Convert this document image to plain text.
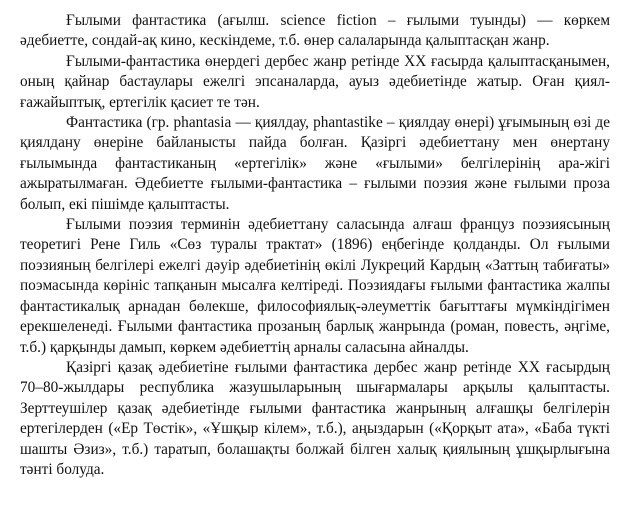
Ғылыми фантастика (ағылш. science fiction – ғылыми туынды) — көркем әдебиетте, сондай-ақ кино, кескіндеме, т.б. өнер салаларында қалыптасқан жанр.

Ғылыми-фантастика өнердегі дербес жанр ретінде XX ғасырда қалыптасқанымен, оның қайнар бастаулары ежелгі эпсаналарда, ауыз әдебиетінде жатыр. Оған қиял-ғажайыптық, ертегілік қасиет те тән.

Фантастика (гр. phantasia –– қиялдау, phantastike – қиялдау өнері) ұғымының өзі де қиялдану өнеріне байланысты пайда болған. Қазіргі әдебиеттану мен өнертану ғылымында фантастиканың «ертегілік» және «ғылыми» белгілерінің ара-жігі ажыратылмаған. Әдебиетте ғылыми-фантастика – ғылыми поэзия және ғылыми проза болып, екі пішімде қалыптасты.

Ғылыми поэзия терминін әдебиеттану саласында алғаш француз поэзиясының теоретигі Рене Гиль «Сөз туралы трактат» (1896) еңбегінде қолданды. Ол ғылыми поэзияның белгілері ежелгі дәуір әдебиетінің өкілі Лукреций Кардың «Заттың табиғаты» поэмасында көрініс тапқанын мысалға келтіреді. Поэзиядағы ғылыми фантастика жалпы фантастикалық арнадан бөлекше, философиялық-әлеуметтік бағыттағы мүмкіндігімен ерекшеленеді. Ғылыми фантастика прозаның барлық жанрында (роман, повесть, әңгіме, т.б.) қарқынды дамып, көркем әдебиеттің арналы саласына айналды.

Қазіргі қазақ әдебиетіне ғылыми фантастика дербес жанр ретінде XX ғасырдың 70–80-жылдары республика жазушыларының шығармалары арқылы қалыптасты. Зерттеушілер қазақ әдебиетінде ғылыми фантастика жанрының алғашқы белгілерін ертегілерден («Ер Төстік», «Ұшқыр кілем», т.б.), аңыздарын («Қорқыт ата», «Баба түкті шашты Әзиз», т.б.) таратып, болашақты болжай білген халық қиялының ұшқырлығына тәнті болуда.
